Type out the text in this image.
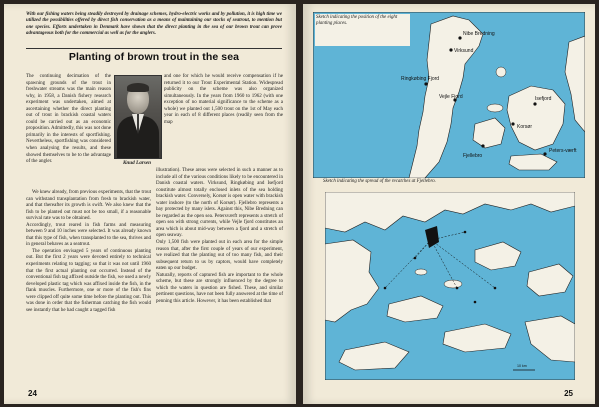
With our fishing waters being steadily destroyed by drainage schemes, hydro-electric works and by pollution, it is high time we utilized the possibilities offered by direct fish conservation as a means of maintaining our stocks of seatrout, to mention but one species. Efforts undertaken in Denmark have shown that the direct planting in the sea of our brown trout can prove advantageous both for the commercial as well as for the anglers.
Planting of brown trout in the sea

The continuing decimation of the spawning grounds of the trout in freshwater streams was the main reason why, in 1958, a Danish fishery research experiment was undertaken, aimed at ascertaining whether the direct planting out of trout in brackish coastal waters could be carried out as an economic proposition. Admittedly, this was not done primarily in the interests of sportfishing. Nevertheless, sportfishing was considered when analysing the results, and these showed themselves to be to the advantage of the angler.	Knud Larsen

We knew already, from previous experiments, that the trout can withstand transplantation from fresh to brackish water, and that thereafter its growth is swift. We also knew that the fish to be planted out must not be too small, if a reasonable survival rate was to be obtained.

Accordingly, trout reared in fish farms and measuring between 9 and 10 inches were selected. It was already known that this type of fish, when transplanted to the sea, thrives and in general behaves as a seatrout.

The operation envisaged 5 years of continuous planting out. But the first 2 years were devoted entirely to technical experiments relating to tagging; so that it was not until 1960 that the first actual planting out occurred. Instead of the conventional fish tag affixed outside the fish, we used a newly developed plastic tag which was affixed inside the fish, in the flank muscles. Furthermore, one or more of the fish's fins were clipped off quite some time before the planting out. This was done in order that the fisherman catching the fish would see instantly that he had caught a tagged fish

and one for which he would receive compensation if he returned it to our Trout Experimental Station. Widespread publicity on the scheme was also organized simultaneously. In the years from 1960 to 1962 (with one exception of no material significance to the scheme as a whole) we planted out 1,500 trout on the 1st of May each year in each of 8 different places (readily seen from the map

illustration). These areas were selected in such a manner as to include all of the various conditions likely to be encountered in Danish coastal waters. Virksund, Ringkøbing and Isefjord constitute almost totally enclosed inlets of the sea holding brackish water. Conversely, Korsør is open water with brackish water inshore (to the north of Korsør). Fjellebro represents a bay protected by many islets. Against this, Nibe Bredning can be regarded as the open sea. Petersværft represents a stretch of open sea with strong currents, while Vejle fjord constitutes an area which is about mid-way between a fjord and a stretch of open seaway.

Only 1,500 fish were planted out in each area for the simple reason that, after the first couple of years of our experiment, we realized that the planting out of too many fish, and their subsequent return to us by captors, would have completely eaten up our budget.

Naturally, reports of captured fish are important to the whole scheme, but these are strongly influenced by the degree to which the waters in question are fished. These, and similar pertinent questions, have not been fully answered at the time of penning this article. However, it has been established that

24
Nibe Bredning
Virksund
Ringkøbing Fjord
Vejle Fjord	Isefjord
Korsør
Fjellebro
Peters-værft
Sketch indicating the position of the eight planting places.
Sketch indicating the spread of the recatches at Fjellebro.
10 km
25
